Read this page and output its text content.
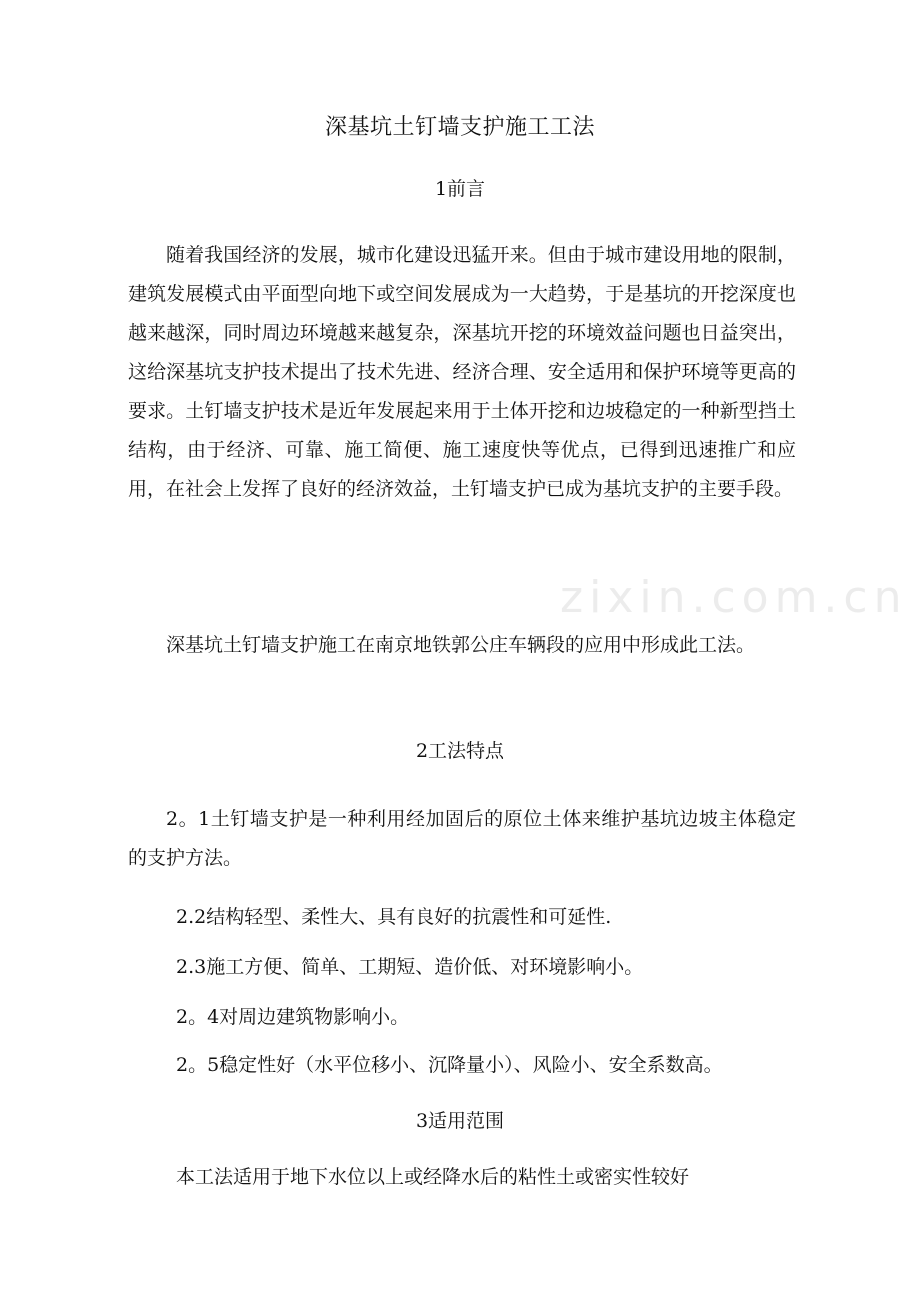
深基坑土钉墙支护施工工法
1前言

随着我国经济的发展，城市化建设迅猛开来。但由于城市建设用地的限制，建筑发展模式由平面型向地下或空间发展成为一大趋势，于是基坑的开挖深度也越来越深，同时周边环境越来越复杂，深基坑开挖的环境效益问题也日益突出，这给深基坑支护技术提出了技术先进、经济合理、安全适用和保护环境等更高的要求。土钉墙支护技术是近年发展起来用于土体开挖和边坡稳定的一种新型挡土结构，由于经济、可靠、施工简便、施工速度快等优点，已得到迅速推广和应用，在社会上发挥了良好的经济效益，土钉墙支护已成为基坑支护的主要手段。

深基坑土钉墙支护施工在南京地铁郭公庄车辆段的应用中形成此工法。

2工法特点

2。1土钉墙支护是一种利用经加固后的原位土体来维护基坑边坡主体稳定的支护方法。

2.2结构轻型、柔性大、具有良好的抗震性和可延性.
2.3施工方便、简单、工期短、造价低、对环境影响小。
2。4对周边建筑物影响小。
2。5稳定性好（水平位移小、沉降量小）、风险小、安全系数高。
3适用范围
本工法适用于地下水位以上或经降水后的粘性土或密实性较好
zixin.com.cn
